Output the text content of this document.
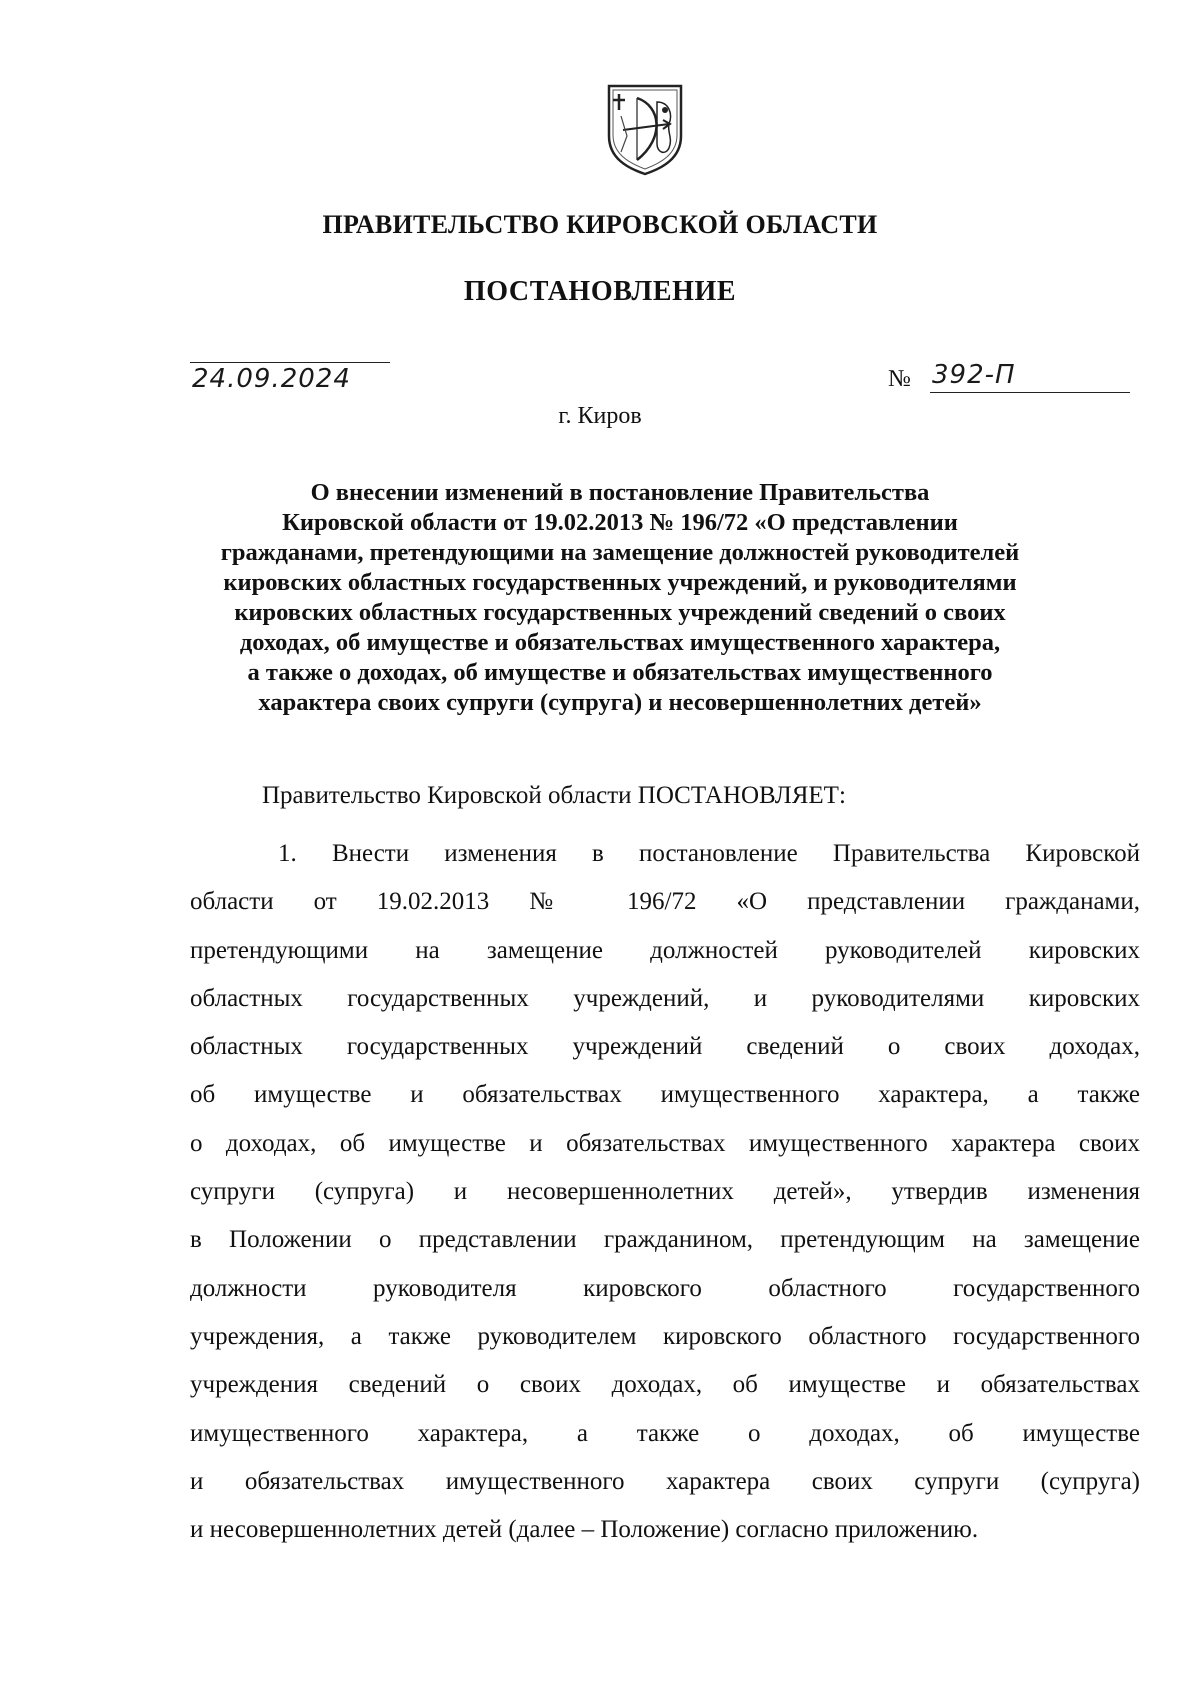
ПРАВИТЕЛЬСТВО КИРОВСКОЙ ОБЛАСТИ
ПОСТАНОВЛЕНИЕ
24.09.2024	№ 392-П
г. Киров
О внесении изменений в постановление Правительства
Кировской области от 19.02.2013 № 196/72 «О представлении
гражданами, претендующими на замещение должностей руководителей
кировских областных государственных учреждений, и руководителями
кировских областных государственных учреждений сведений о своих
доходах, об имуществе и обязательствах имущественного характера,
а также о доходах, об имуществе и обязательствах имущественного
характера своих супруги (супруга) и несовершеннолетних детей»
Правительство Кировской области ПОСТАНОВЛЯЕТ:
1. Внести изменения в постановление Правительства Кировской
области от 19.02.2013 № 196/72 «О представлении гражданами,
претендующими на замещение должностей руководителей кировских
областных государственных учреждений, и руководителями кировских
областных государственных учреждений сведений о своих доходах,
об имуществе и обязательствах имущественного характера, а также
о доходах, об имуществе и обязательствах имущественного характера своих
супруги (супруга) и несовершеннолетних детей», утвердив изменения
в Положении о представлении гражданином, претендующим на замещение
должности руководителя кировского областного государственного
учреждения, а также руководителем кировского областного государственного
учреждения сведений о своих доходах, об имуществе и обязательствах
имущественного характера, а также о доходах, об имуществе
и обязательствах имущественного характера своих супруги (супруга)
и несовершеннолетних детей (далее – Положение) согласно приложению.
